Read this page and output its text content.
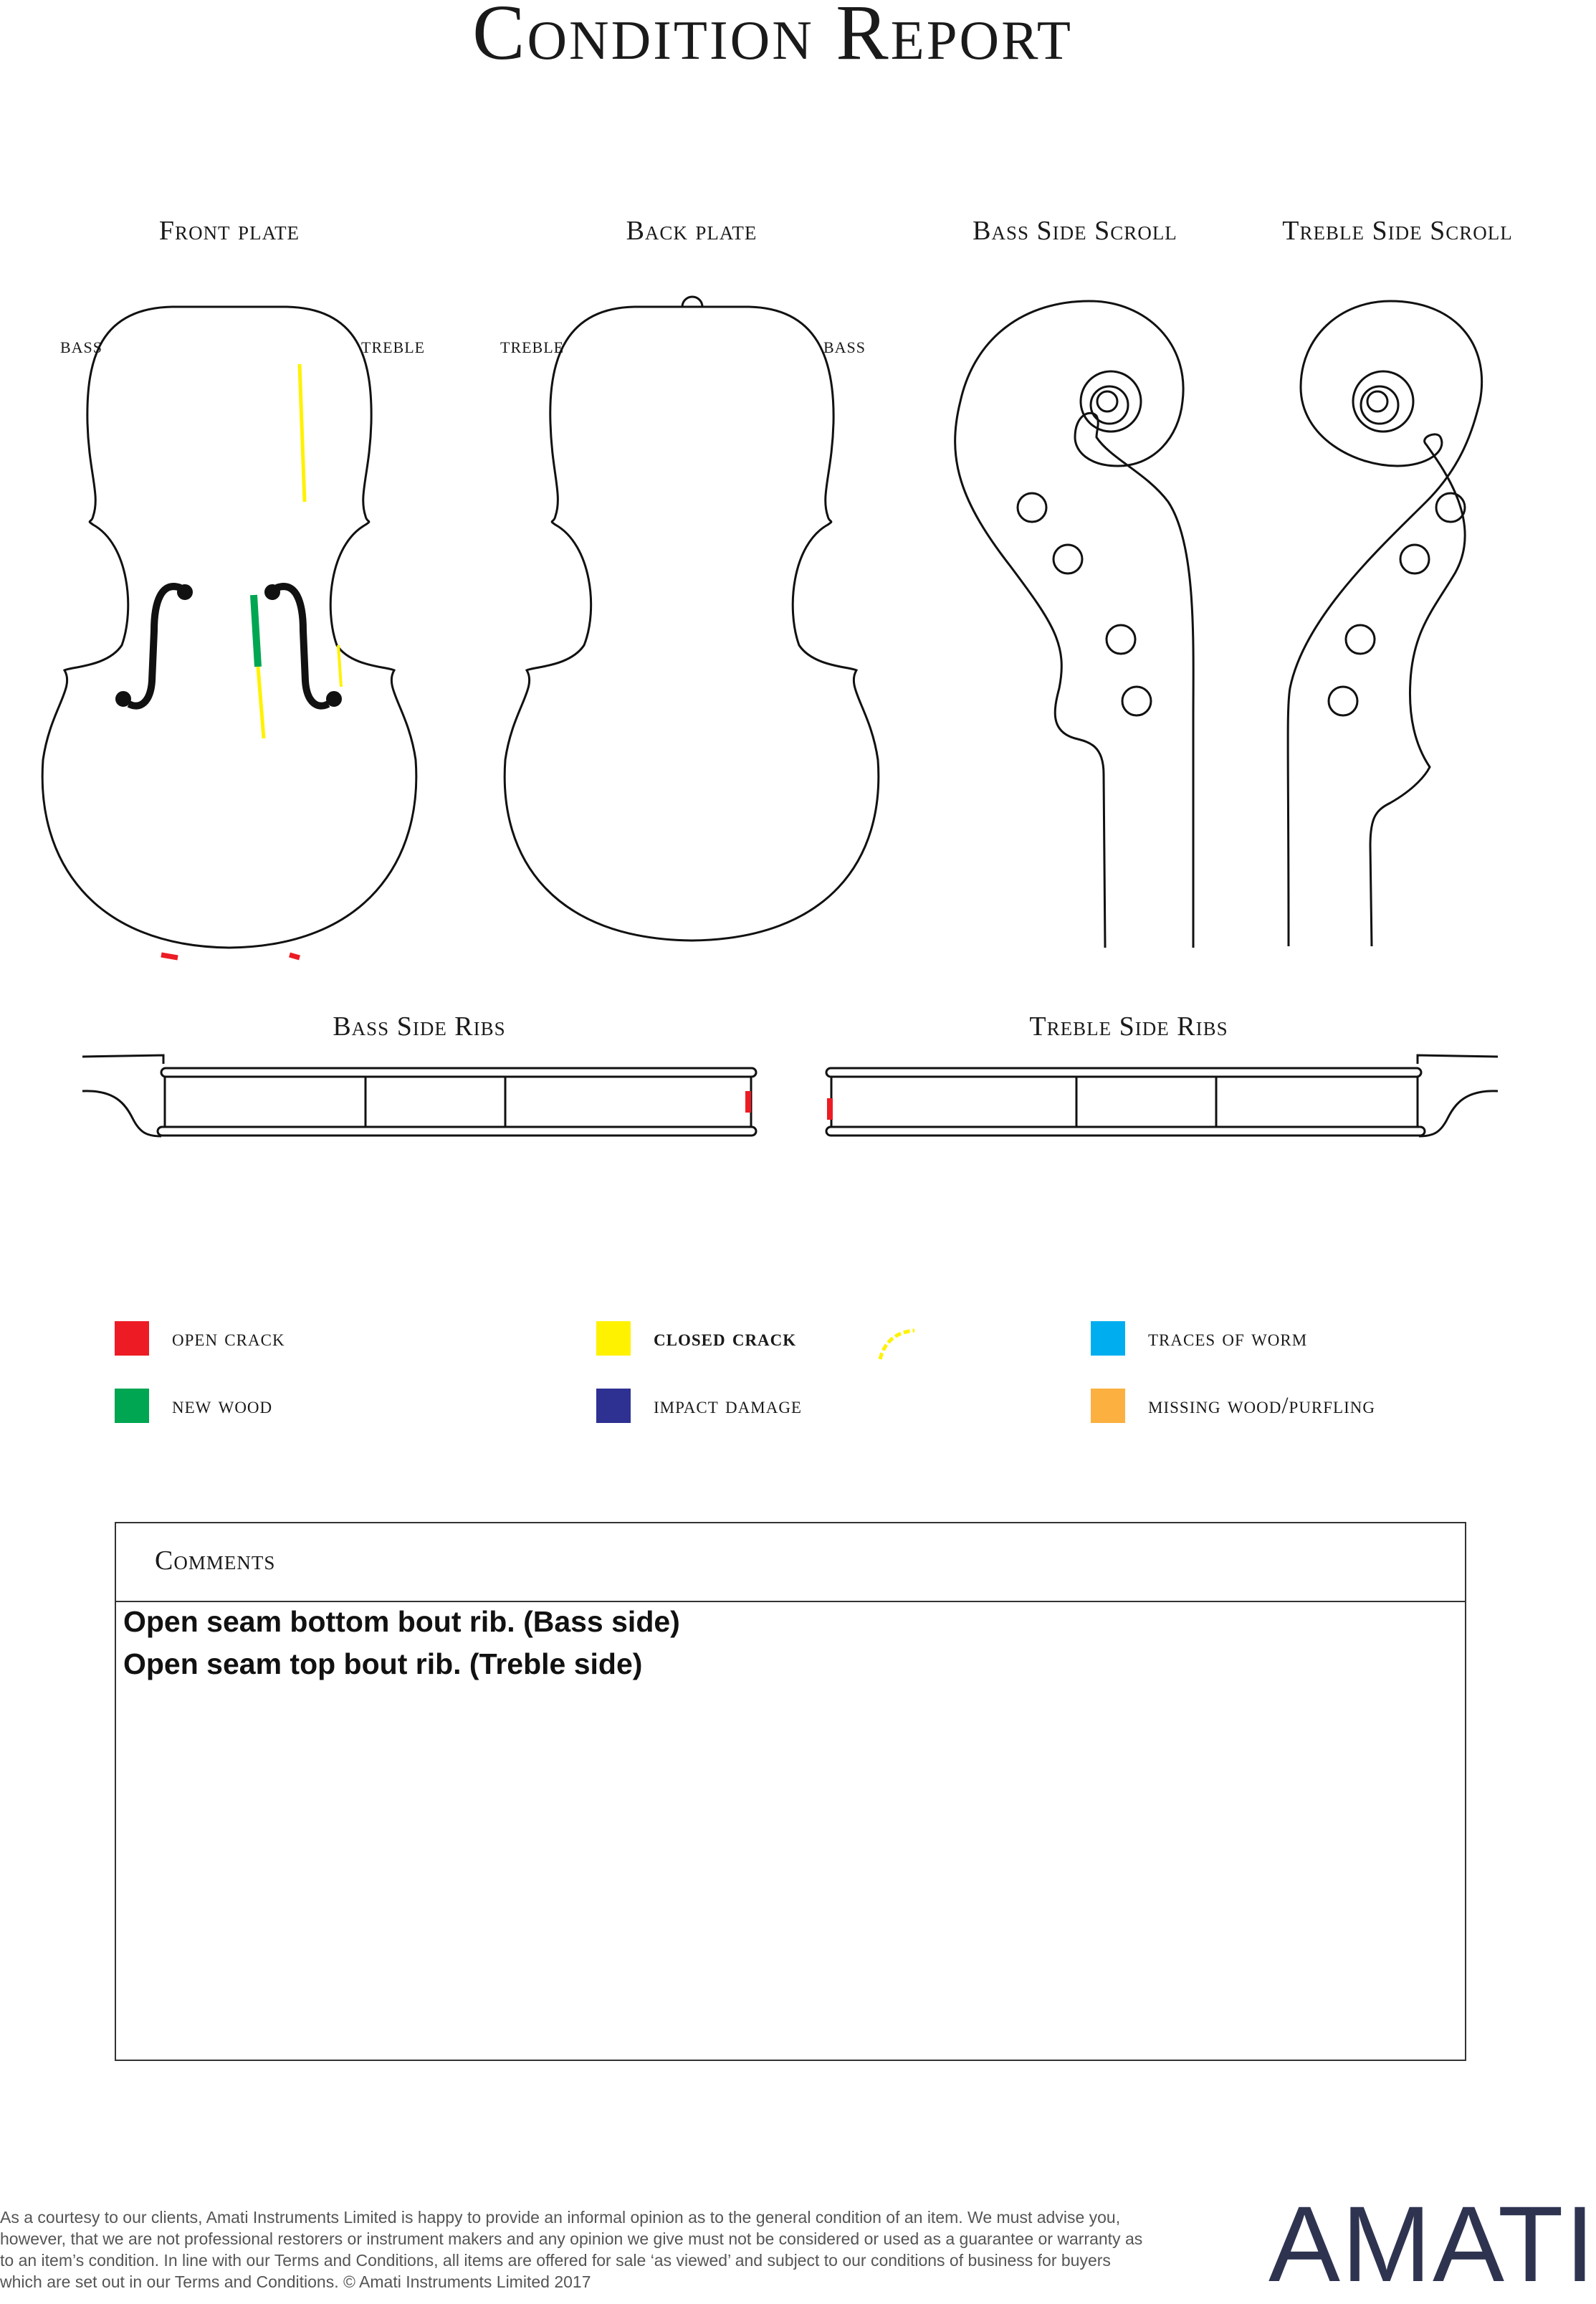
Condition Report
Front plate	Back plate	Bass Side Scroll	Treble Side Scroll
Bass Side Ribs	Treble Side Ribs
BASS	TREBLE	TREBLE	BASS
open crack	closed crack	traces of worm
new wood	impact damage	missing wood/purfling
Comments
Open seam bottom bout rib. (Bass side)
Open seam top bout rib. (Treble side)
As a courtesy to our clients, Amati Instruments Limited is happy to provide an informal opinion as to the general condition of an item. We must advise you, however, that we are not professional restorers or instrument makers and any opinion we give must not be considered or used as a guarantee or warranty as to an item’s condition. In line with our Terms and Conditions, all items are offered for sale ‘as viewed’ and subject to our conditions of business for buyers which are set out in our Terms and Conditions. © Amati Instruments Limited 2017	AMATI
